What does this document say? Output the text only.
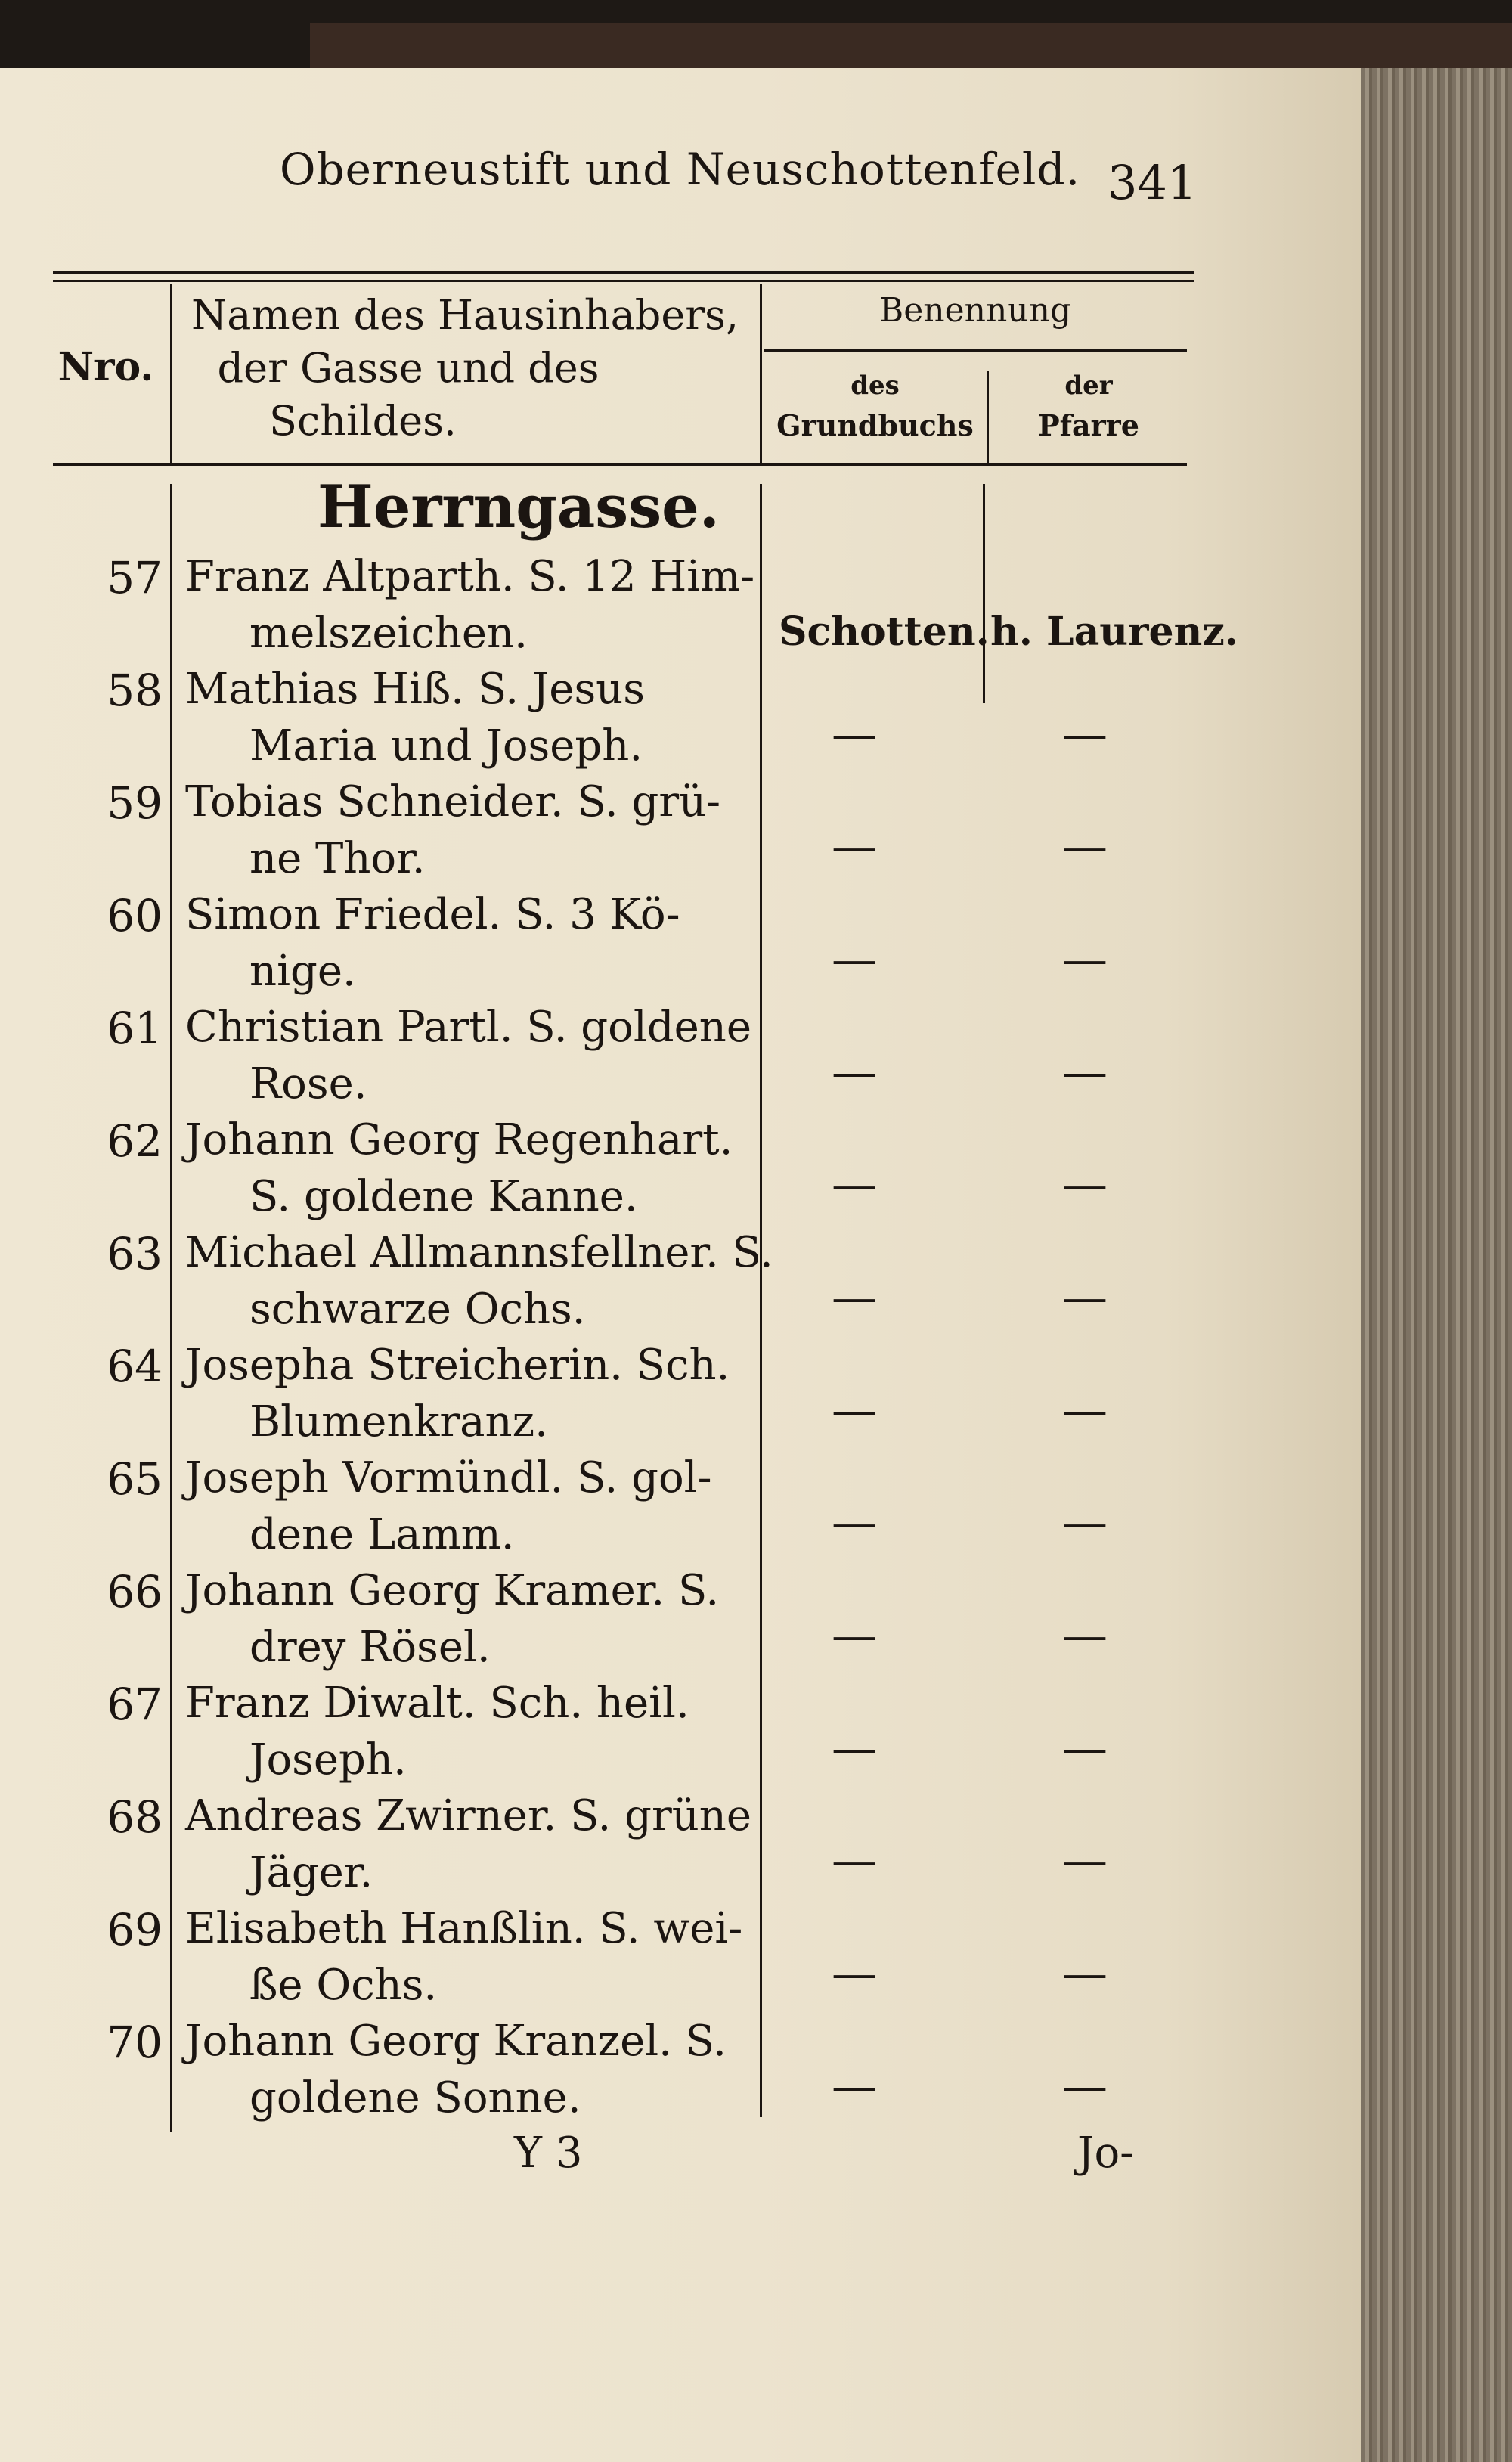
Oberneustift und Neuschottenfeld. 341
Nro.
Namen des Hausinhabers,
der Gasse und des
Schildes.
Benennung
des
Grundbuchs
der
Pfarre
Herrngasse.
57 Franz Altparth. S. 12 Him-
melszeichen.	Schotten. h. Laurenz.
58 Mathias Hiß. S. Jesus
Maria und Joseph.	—	—
59 Tobias Schneider. S. grü-
ne Thor.	—	—
60 Simon Friedel. S. 3 Kö-
nige.	—	—
61 Christian Partl. S. goldene
Rose.	—	—
62 Johann Georg Regenhart.
S. goldene Kanne.	—	—
63 Michael Allmannsfellner. S.
schwarze Ochs.	—	—
64 Josepha Streicherin. Sch.
Blumenkranz.	—	—
65 Joseph Vormündl. S. gol-
dene Lamm.	—	—
66 Johann Georg Kramer. S.
drey Rösel.	—	—
67 Franz Diwalt. Sch. heil.
Joseph.	—	—
68 Andreas Zwirner. S. grüne
Jäger.	—	—
69 Elisabeth Hanßlin. S. wei-
ße Ochs.	—	—
70 Johann Georg Kranzel. S.
goldene Sonne.	—	—
Y 3	Jo-
